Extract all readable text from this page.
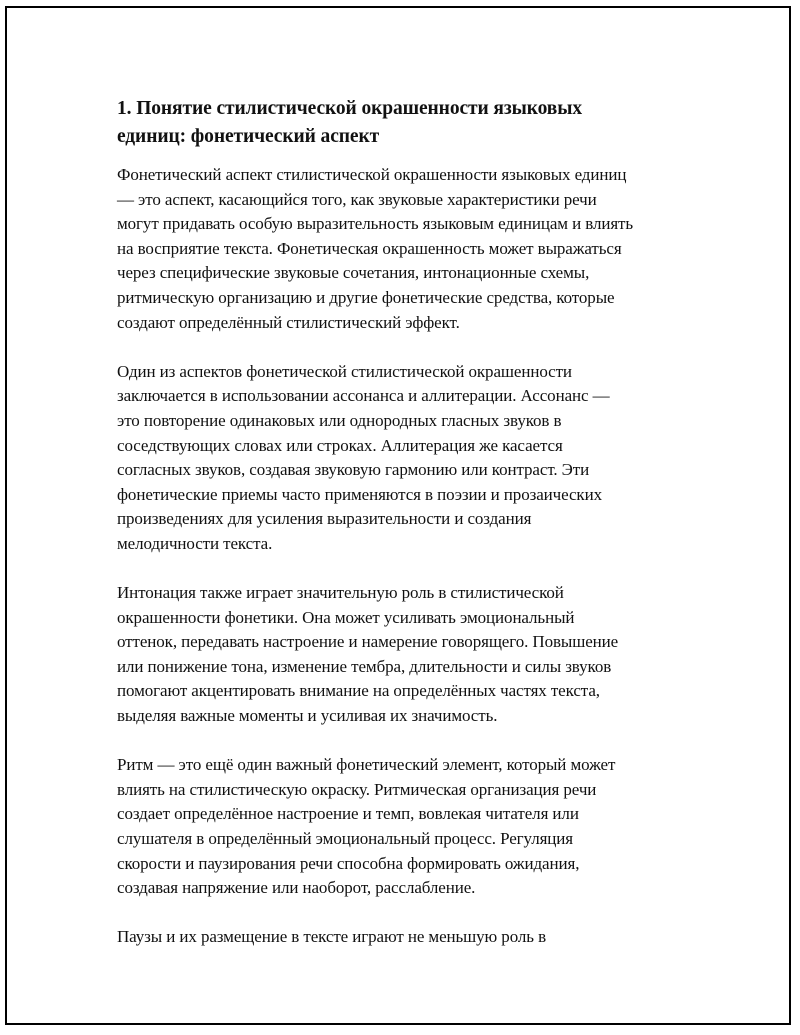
1. Понятие стилистической окрашенности языковых
единиц: фонетический аспект

Фонетический аспект стилистической окрашенности языковых единиц
— это аспект, касающийся того, как звуковые характеристики речи
могут придавать особую выразительность языковым единицам и влиять
на восприятие текста. Фонетическая окрашенность может выражаться
через специфические звуковые сочетания, интонационные схемы,
ритмическую организацию и другие фонетические средства, которые
создают определённый стилистический эффект.

Один из аспектов фонетической стилистической окрашенности
заключается в использовании ассонанса и аллитерации. Ассонанс —
это повторение одинаковых или однородных гласных звуков в
соседствующих словах или строках. Аллитерация же касается
согласных звуков, создавая звуковую гармонию или контраст. Эти
фонетические приемы часто применяются в поэзии и прозаических
произведениях для усиления выразительности и создания
мелодичности текста.

Интонация также играет значительную роль в стилистической
окрашенности фонетики. Она может усиливать эмоциональный
оттенок, передавать настроение и намерение говорящего. Повышение
или понижение тона, изменение тембра, длительности и силы звуков
помогают акцентировать внимание на определённых частях текста,
выделяя важные моменты и усиливая их значимость.

Ритм — это ещё один важный фонетический элемент, который может
влиять на стилистическую окраску. Ритмическая организация речи
создает определённое настроение и темп, вовлекая читателя или
слушателя в определённый эмоциональный процесс. Регуляция
скорости и паузирования речи способна формировать ожидания,
создавая напряжение или наоборот, расслабление.

Паузы и их размещение в тексте играют не меньшую роль в
